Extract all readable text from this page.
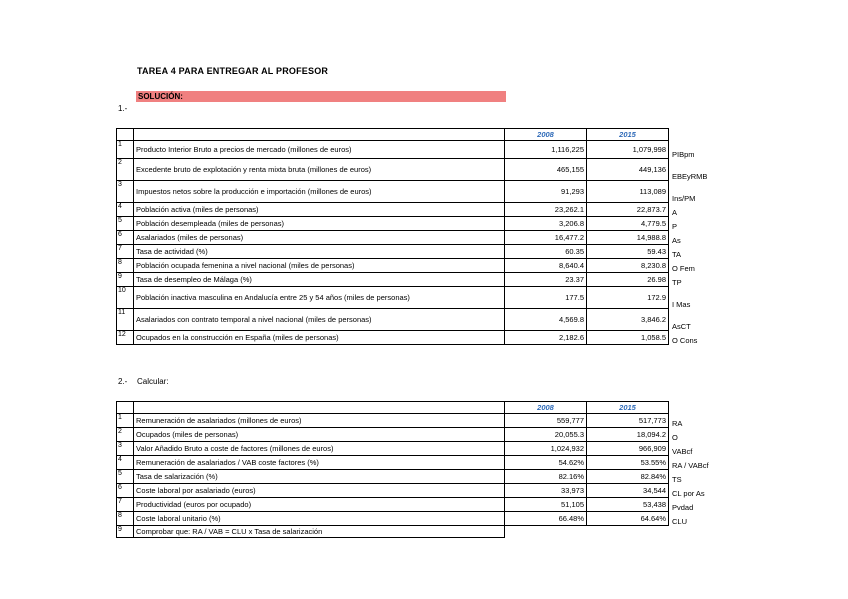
TAREA 4 PARA ENTREGAR AL PROFESOR
SOLUCIÓN:
1.-
		2008	2015	
1	Producto Interior Bruto a precios de mercado (millones de euros)	1,116,225	1,079,998	PIBpm
2	Excedente bruto de explotación y renta mixta bruta (millones de euros)	465,155	449,136	EBEyRMB
3	Impuestos netos sobre la producción e importación (millones de euros)	91,293	113,089	Ins/PM
4	Población activa (miles de personas)	23,262.1	22,873.7	A
5	Población desempleada (miles de personas)	3,206.8	4,779.5	P
6	Asalariados (miles de personas)	16,477.2	14,988.8	As
7	Tasa de actividad (%)	60.35	59.43	TA
8	Población ocupada femenina a nivel nacional (miles de personas)	8,640.4	8,230.8	O Fem
9	Tasa de desempleo de Málaga (%)	23.37	26.98	TP
10	Población inactiva masculina en Andalucía entre 25 y 54 años (miles de personas)	177.5	172.9	I Mas
11	Asalariados con contrato temporal a nivel nacional (miles de personas)	4,569.8	3,846.2	AsCT
12	Ocupados en la construcción en España (miles de personas)	2,182.6	1,058.5	O Cons
2.- Calcular:
		2008	2015	
1	Remuneración de asalariados (millones de euros)	559,777	517,773	RA
2	Ocupados (miles de personas)	20,055.3	18,094.2	O
3	Valor Añadido Bruto a coste de factores (millones de euros)	1,024,932	966,909	VABcf
4	Remuneración de asalariados / VAB coste factores (%)	54.62%	53.55%	RA / VABcf
5	Tasa de salarización (%)	82.16%	82.84%	TS
6	Coste laboral por asalariado (euros)	33,973	34,544	CL por As
7	Productividad (euros por ocupado)	51,105	53,438	Pvdad
8	Coste laboral unitario (%)	66.48%	64.64%	CLU
9	Comprobar que: RA / VAB = CLU x Tasa de salarización			
